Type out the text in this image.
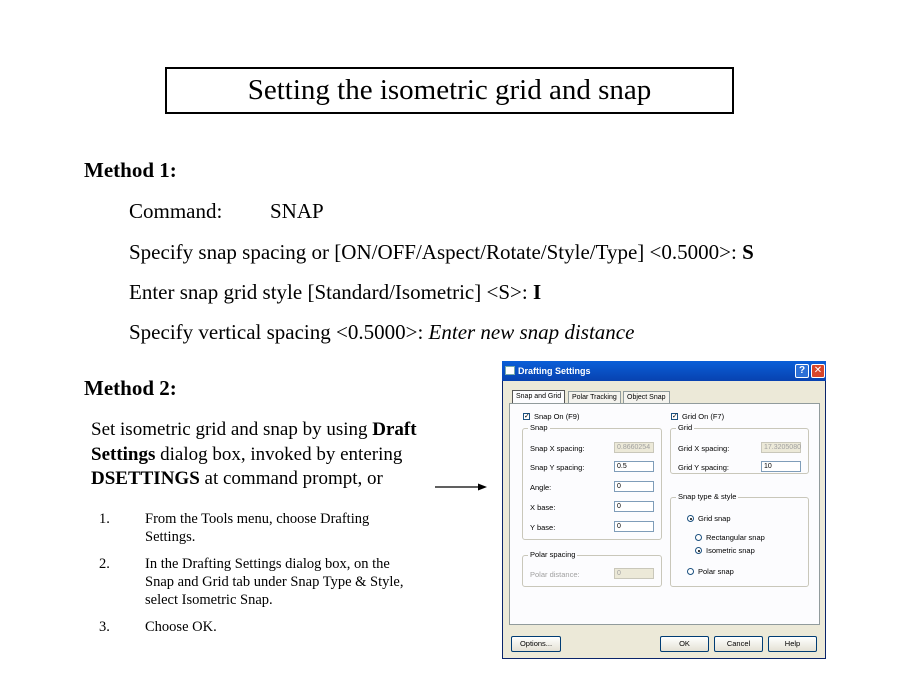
Setting the isometric grid and snap
Method 1:
Command: SNAP
Specify snap spacing or [ON/OFF/Aspect/Rotate/Style/Type] <0.5000>: S
Enter snap grid style [Standard/Isometric] <S>: I
Specify vertical spacing <0.5000>: Enter new snap distance
Method 2:
Set isometric grid and snap by using Draft Settings dialog box, invoked by entering DSETTINGS at command prompt, or
1. From the Tools menu, choose Drafting Settings.
2. In the Drafting Settings dialog box, on the Snap and Grid tab under Snap Type & Style, select Isometric Snap.
3. Choose OK.
Drafting Settings	? ✕
Snap and Grid	Polar Tracking	Object Snap
✓ Snap On (F9)	✓ Grid On (F7)
Snap
Snap X spacing:	0.8660254
Snap Y spacing:	0.5
Angle:	0
X base:	0
Y base:	0
Polar spacing
Polar distance:	0
Grid
Grid X spacing:	17.3205080
Grid Y spacing:	10
Snap type & style
Grid snap
Rectangular snap
Isometric snap
Polar snap
Options...	OK	Cancel	Help
